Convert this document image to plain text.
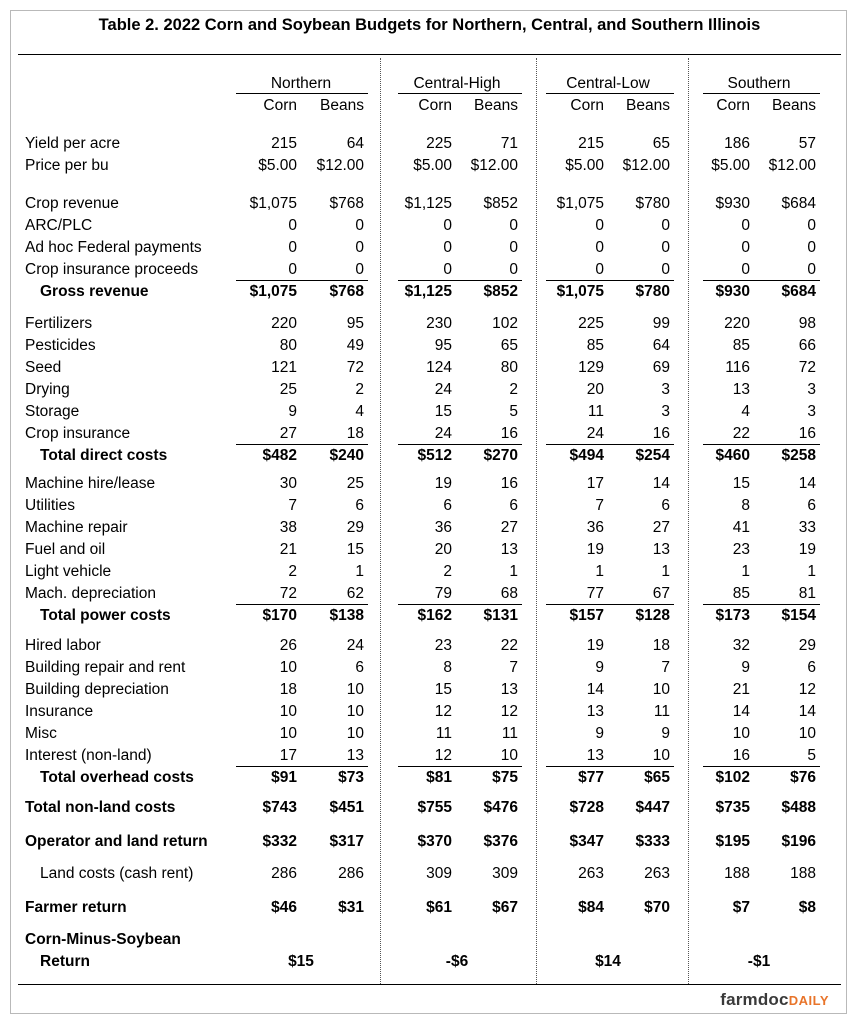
Table 2. 2022 Corn and Soybean Budgets for Northern, Central, and Southern Illinois
Northern
Corn	Beans
Central-High
Corn	Beans
Central-Low
Corn	Beans
Southern
Corn	Beans
Yield per acre	215	64	225	71	215	65	186	57
Price per bu	$5.00	$12.00	$5.00	$12.00	$5.00	$12.00	$5.00	$12.00
Crop revenue	$1,075	$768	$1,125	$852	$1,075	$780	$930	$684
ARC/PLC	0	0	0	0	0	0	0	0
Ad hoc Federal payments	0	0	0	0	0	0	0	0
Crop insurance proceeds	0	0	0	0	0	0	0	0
Gross revenue	$1,075	$768	$1,125	$852	$1,075	$780	$930	$684
Fertilizers	220	95	230	102	225	99	220	98
Pesticides	80	49	95	65	85	64	85	66
Seed	121	72	124	80	129	69	116	72
Drying	25	2	24	2	20	3	13	3
Storage	9	4	15	5	11	3	4	3
Crop insurance	27	18	24	16	24	16	22	16
Total direct costs	$482	$240	$512	$270	$494	$254	$460	$258
Machine hire/lease	30	25	19	16	17	14	15	14
Utilities	7	6	6	6	7	6	8	6
Machine repair	38	29	36	27	36	27	41	33
Fuel and oil	21	15	20	13	19	13	23	19
Light vehicle	2	1	2	1	1	1	1	1
Mach. depreciation	72	62	79	68	77	67	85	81
Total power costs	$170	$138	$162	$131	$157	$128	$173	$154
Hired labor	26	24	23	22	19	18	32	29
Building repair and rent	10	6	8	7	9	7	9	6
Building depreciation	18	10	15	13	14	10	21	12
Insurance	10	10	12	12	13	11	14	14
Misc	10	10	11	11	9	9	10	10
Interest (non-land)	17	13	12	10	13	10	16	5
Total overhead costs	$91	$73	$81	$75	$77	$65	$102	$76
Total non-land costs	$743	$451	$755	$476	$728	$447	$735	$488
Operator and land return	$332	$317	$370	$376	$347	$333	$195	$196
Land costs (cash rent)	286	286	309	309	263	263	188	188
Farmer return	$46	$31	$61	$67	$84	$70	$7	$8
Corn-Minus-Soybean
Return	$15	-$6	$14	-$1
farmdocDAILY
